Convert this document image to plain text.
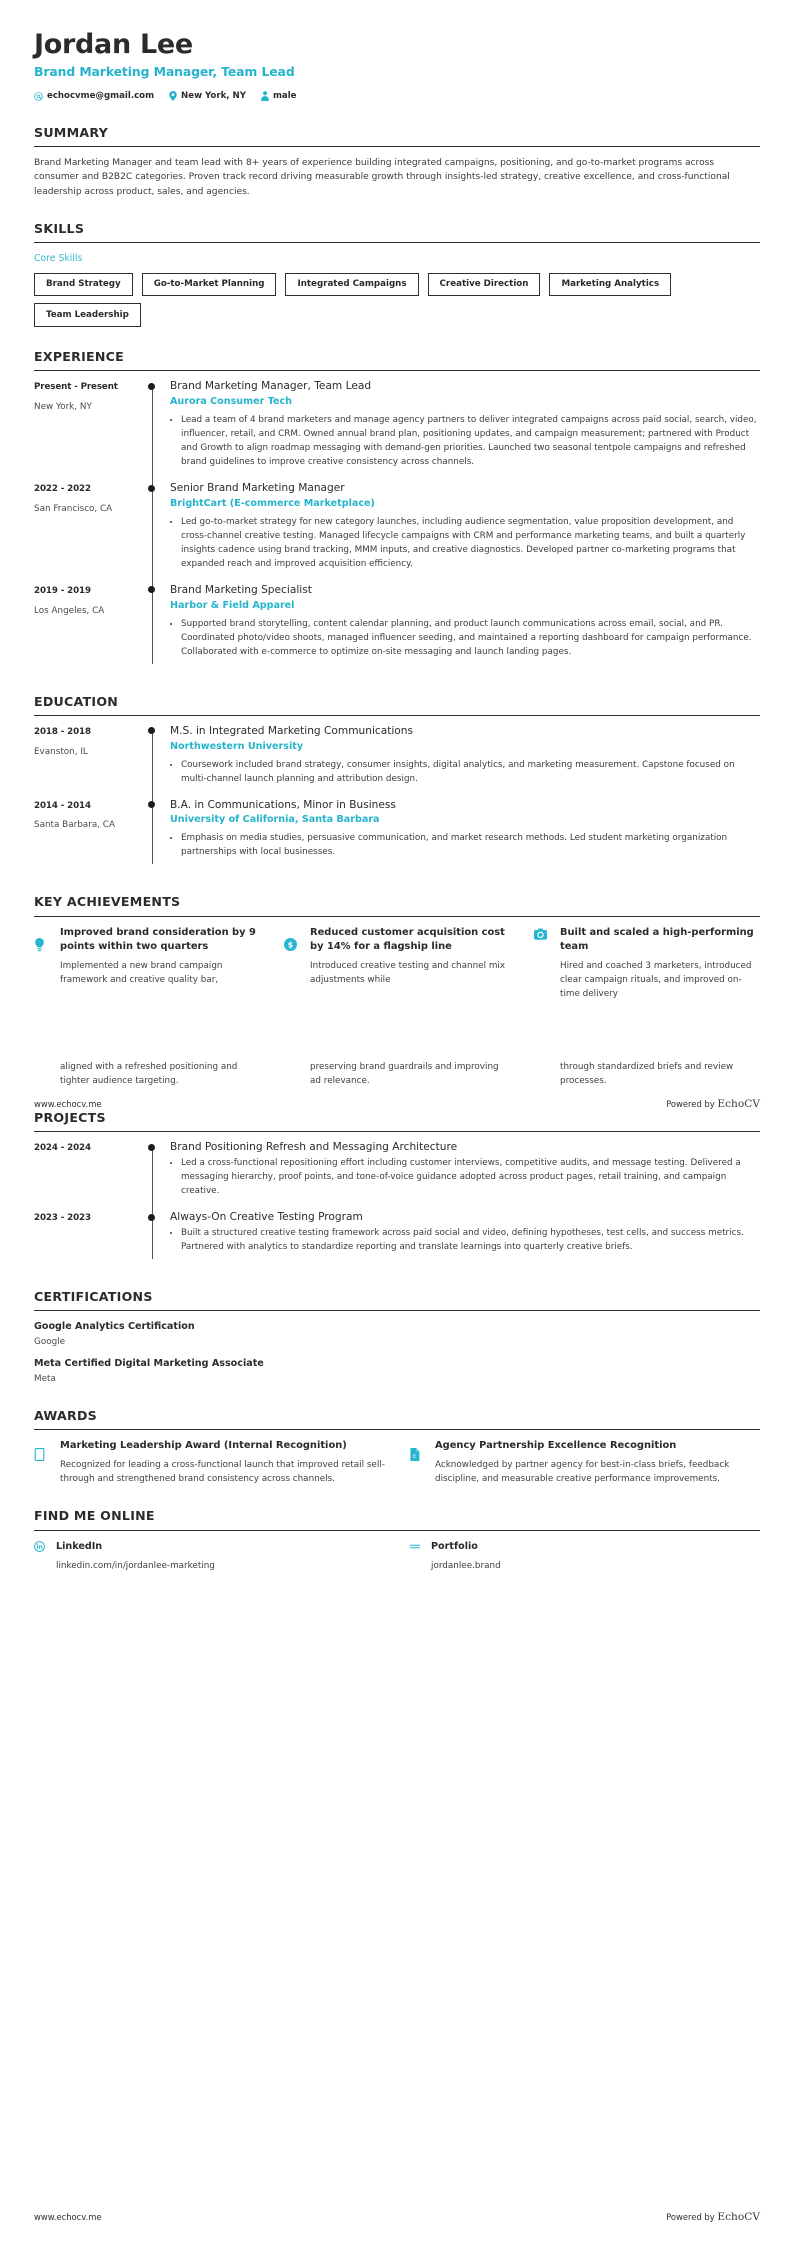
Jordan Lee
Brand Marketing Manager, Team Lead
echocvme@gmail.com	New York, NY	male
SUMMARY
Brand Marketing Manager and team lead with 8+ years of experience building integrated campaigns, positioning, and go-to-market programs across consumer and B2B2C categories. Proven track record driving measurable growth through insights-led strategy, creative excellence, and cross-functional leadership across product, sales, and agencies.
SKILLS
Core Skills
Brand Strategy	Go-to-Market Planning	Integrated Campaigns	Creative Direction	Marketing Analytics
Team Leadership
EXPERIENCE
Present - Present
New York, NY
Brand Marketing Manager, Team Lead
Aurora Consumer Tech
• Lead a team of 4 brand marketers and manage agency partners to deliver integrated campaigns across paid social, search, video, influencer, retail, and CRM. Owned annual brand plan, positioning updates, and campaign measurement; partnered with Product and Growth to align roadmap messaging with demand-gen priorities. Launched two seasonal tentpole campaigns and refreshed brand guidelines to improve creative consistency across channels.
2022 - 2022
San Francisco, CA
Senior Brand Marketing Manager
BrightCart (E-commerce Marketplace)
• Led go-to-market strategy for new category launches, including audience segmentation, value proposition development, and cross-channel creative testing. Managed lifecycle campaigns with CRM and performance marketing teams, and built a quarterly insights cadence using brand tracking, MMM inputs, and creative diagnostics. Developed partner co-marketing programs that expanded reach and improved acquisition efficiency.
2019 - 2019
Los Angeles, CA
Brand Marketing Specialist
Harbor & Field Apparel
• Supported brand storytelling, content calendar planning, and product launch communications across email, social, and PR. Coordinated photo/video shoots, managed influencer seeding, and maintained a reporting dashboard for campaign performance. Collaborated with e-commerce to optimize on-site messaging and launch landing pages.
EDUCATION
2018 - 2018
Evanston, IL
M.S. in Integrated Marketing Communications
Northwestern University
• Coursework included brand strategy, consumer insights, digital analytics, and marketing measurement. Capstone focused on multi-channel launch planning and attribution design.
2014 - 2014
Santa Barbara, CA
B.A. in Communications, Minor in Business
University of California, Santa Barbara
• Emphasis on media studies, persuasive communication, and market research methods. Led student marketing organization partnerships with local businesses.
KEY ACHIEVEMENTS
Improved brand consideration by 9 points within two quarters
Implemented a new brand campaign framework and creative quality bar,
$
Reduced customer acquisition cost by 14% for a flagship line
Introduced creative testing and channel mix adjustments while
Built and scaled a high-performing team
Hired and coached 3 marketers, introduced clear campaign rituals, and improved on-time delivery
aligned with a refreshed positioning and tighter audience targeting.
preserving brand guardrails and improving ad relevance.
through standardized briefs and review processes.
PROJECTS
2024 - 2024	Brand Positioning Refresh and Messaging Architecture
• Led a cross-functional repositioning effort including customer interviews, competitive audits, and message testing. Delivered a messaging hierarchy, proof points, and tone-of-voice guidance adopted across product pages, retail training, and campaign creative.
2023 - 2023	Always-On Creative Testing Program
• Built a structured creative testing framework across paid social and video, defining hypotheses, test cells, and success metrics. Partnered with analytics to standardize reporting and translate learnings into quarterly creative briefs.
CERTIFICATIONS
Google Analytics Certification
Google
Meta Certified Digital Marketing Associate
Meta
AWARDS
Marketing Leadership Award (Internal Recognition)
Recognized for leading a cross-functional launch that improved retail sell-through and strengthened brand consistency across channels.
€
Agency Partnership Excellence Recognition
Acknowledged by partner agency for best-in-class briefs, feedback discipline, and measurable creative performance improvements.
FIND ME ONLINE
LinkedIn
linkedin.com/in/jordanlee-marketing
Portfolio
jordanlee.brand
www.echocv.me	Powered by EchoCV
www.echocv.me	Powered by EchoCV
